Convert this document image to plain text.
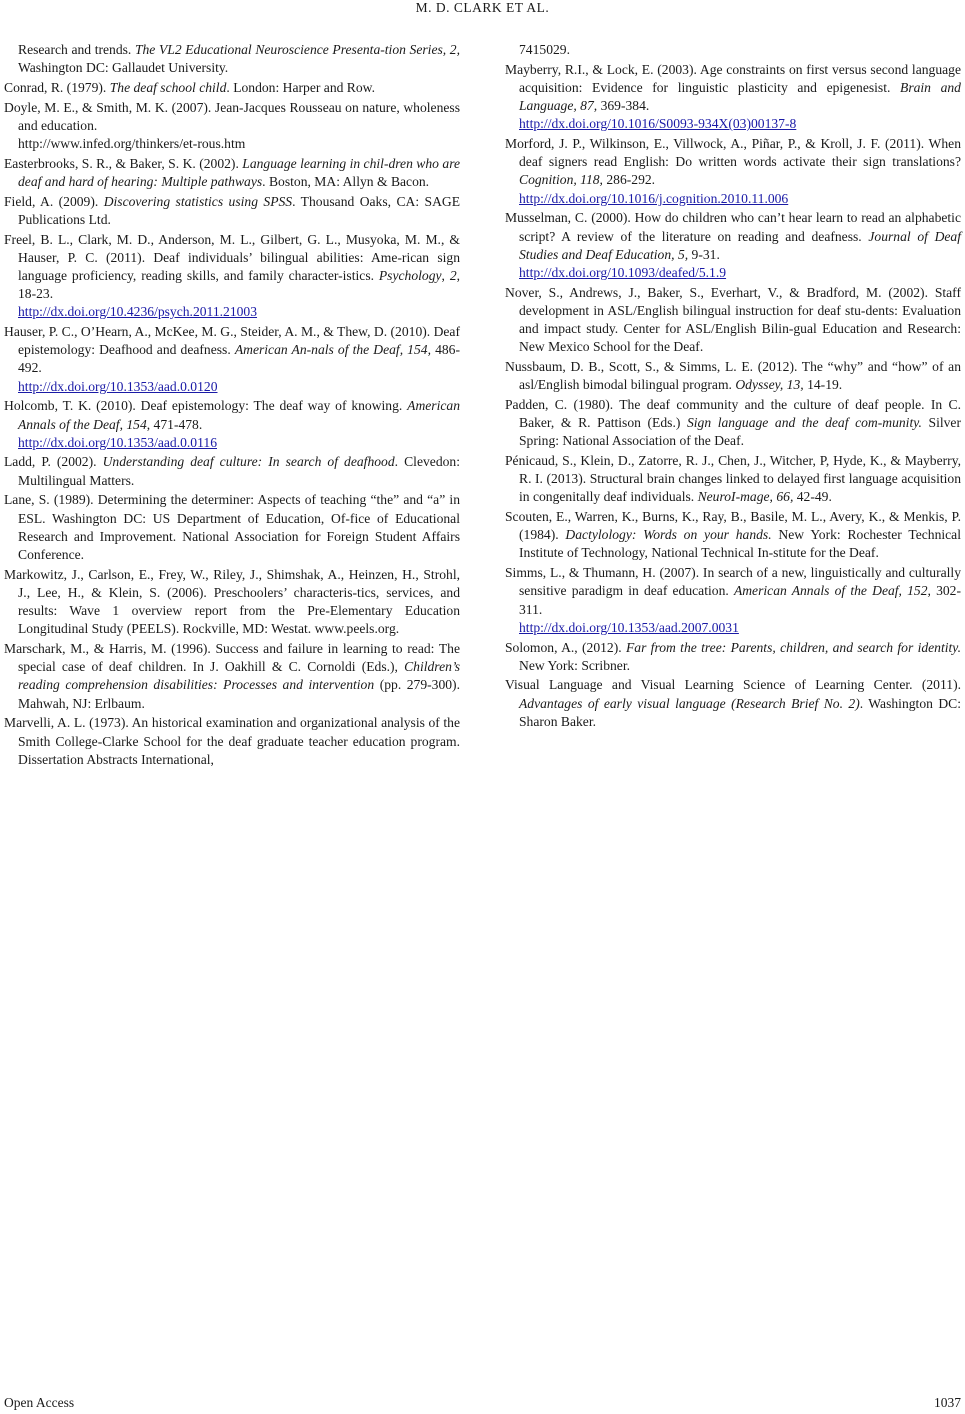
M. D. CLARK ET AL.

Research and trends. The VL2 Educational Neuroscience Presenta-tion Series, 2, Washington DC: Gallaudet University.

Conrad, R. (1979). The deaf school child. London: Harper and Row.

Doyle, M. E., & Smith, M. K. (2007). Jean-Jacques Rousseau on nature, wholeness and education.
http://www.infed.org/thinkers/et-rous.htm

Easterbrooks, S. R., & Baker, S. K. (2002). Language learning in chil-dren who are deaf and hard of hearing: Multiple pathways. Boston, MA: Allyn & Bacon.

Field, A. (2009). Discovering statistics using SPSS. Thousand Oaks, CA: SAGE Publications Ltd.

Freel, B. L., Clark, M. D., Anderson, M. L., Gilbert, G. L., Musyoka, M. M., & Hauser, P. C. (2011). Deaf individuals’ bilingual abilities: Ame-rican sign language proficiency, reading skills, and family character-istics. Psychology, 2, 18-23.
http://dx.doi.org/10.4236/psych.2011.21003

Hauser, P. C., O’Hearn, A., McKee, M. G., Steider, A. M., & Thew, D. (2010). Deaf epistemology: Deafhood and deafness. American An-nals of the Deaf, 154, 486-492.
http://dx.doi.org/10.1353/aad.0.0120

Holcomb, T. K. (2010). Deaf epistemology: The deaf way of knowing. American Annals of the Deaf, 154, 471-478.
http://dx.doi.org/10.1353/aad.0.0116

Ladd, P. (2002). Understanding deaf culture: In search of deafhood. Clevedon: Multilingual Matters.

Lane, S. (1989). Determining the determiner: Aspects of teaching “the” and “a” in ESL. Washington DC: US Department of Education, Of-fice of Educational Research and Improvement. National Association for Foreign Student Affairs Conference.

Markowitz, J., Carlson, E., Frey, W., Riley, J., Shimshak, A., Heinzen, H., Strohl, J., Lee, H., & Klein, S. (2006). Preschoolers’ characteris-tics, services, and results: Wave 1 overview report from the Pre-Elementary Education Longitudinal Study (PEELS). Rockville, MD: Westat. www.peels.org.

Marschark, M., & Harris, M. (1996). Success and failure in learning to read: The special case of deaf children. In J. Oakhill & C. Cornoldi (Eds.), Children’s reading comprehension disabilities: Processes and intervention (pp. 279-300). Mahwah, NJ: Erlbaum.

Marvelli, A. L. (1973). An historical examination and organizational analysis of the Smith College-Clarke School for the deaf graduate teacher education program. Dissertation Abstracts International,

7415029.

Mayberry, R.I., & Lock, E. (2003). Age constraints on first versus second language acquisition: Evidence for linguistic plasticity and epigenesist. Brain and Language, 87, 369-384.
http://dx.doi.org/10.1016/S0093-934X(03)00137-8

Morford, J. P., Wilkinson, E., Villwock, A., Piñar, P., & Kroll, J. F. (2011). When deaf signers read English: Do written words activate their sign translations? Cognition, 118, 286-292.
http://dx.doi.org/10.1016/j.cognition.2010.11.006

Musselman, C. (2000). How do children who can’t hear learn to read an alphabetic script? A review of the literature on reading and deafness. Journal of Deaf Studies and Deaf Education, 5, 9-31.
http://dx.doi.org/10.1093/deafed/5.1.9

Nover, S., Andrews, J., Baker, S., Everhart, V., & Bradford, M. (2002). Staff development in ASL/English bilingual instruction for deaf stu-dents: Evaluation and impact study. Center for ASL/English Bilin-gual Education and Research: New Mexico School for the Deaf.

Nussbaum, D. B., Scott, S., & Simms, L. E. (2012). The “why” and “how” of an asl/English bimodal bilingual program. Odyssey, 13, 14-19.

Padden, C. (1980). The deaf community and the culture of deaf people. In C. Baker, & R. Pattison (Eds.) Sign language and the deaf com-munity. Silver Spring: National Association of the Deaf.

Pénicaud, S., Klein, D., Zatorre, R. J., Chen, J., Witcher, P, Hyde, K., & Mayberry, R. I. (2013). Structural brain changes linked to delayed first language acquisition in congenitally deaf individuals. NeuroI-mage, 66, 42-49.

Scouten, E., Warren, K., Burns, K., Ray, B., Basile, M. L., Avery, K., & Menkis, P. (1984). Dactylology: Words on your hands. New York: Rochester Technical Institute of Technology, National Technical In-stitute for the Deaf.

Simms, L., & Thumann, H. (2007). In search of a new, linguistically and culturally sensitive paradigm in deaf education. American Annals of the Deaf, 152, 302-311.
http://dx.doi.org/10.1353/aad.2007.0031

Solomon, A., (2012). Far from the tree: Parents, children, and search for identity. New York: Scribner.

Visual Language and Visual Learning Science of Learning Center. (2011). Advantages of early visual language (Research Brief No. 2). Washington DC: Sharon Baker.

Open Access	1037
